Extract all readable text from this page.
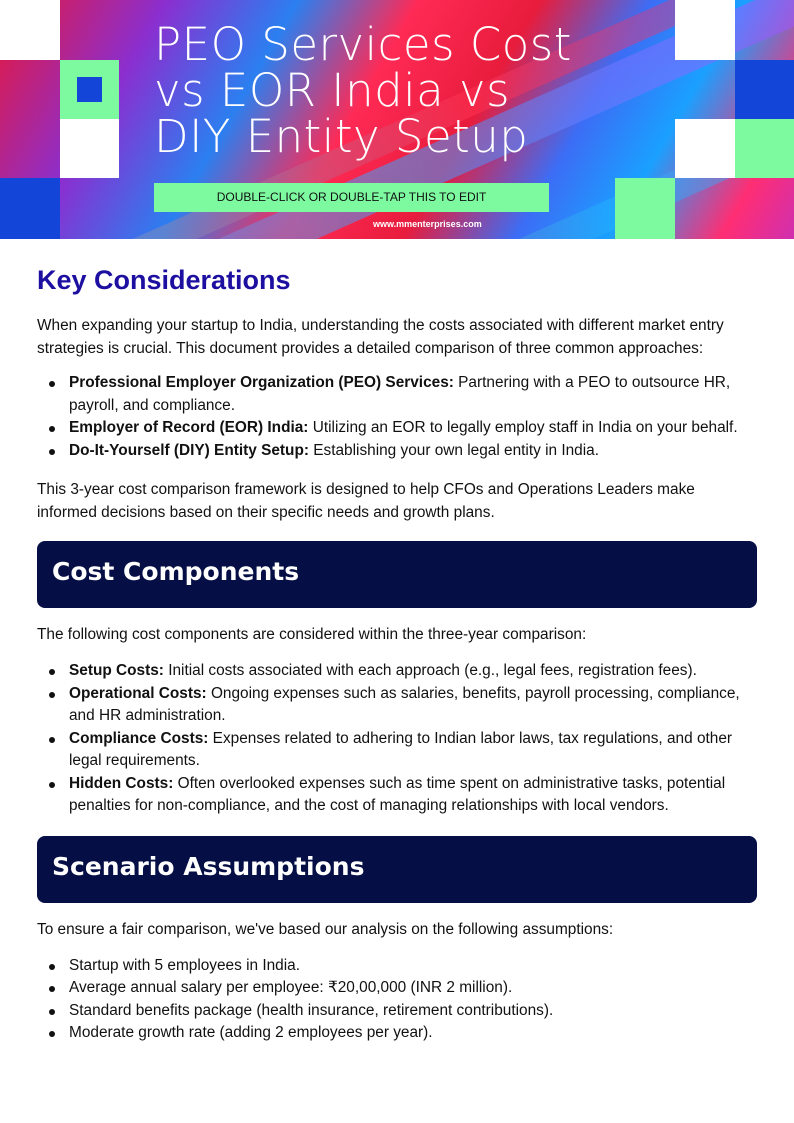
PEO Services Cost
vs EOR India vs
DIY Entity Setup
DOUBLE-CLICK OR DOUBLE-TAP THIS TO EDIT
www.mmenterprises.com
Key Considerations

When expanding your startup to India, understanding the costs associated with different market entry strategies is crucial. This document provides a detailed comparison of three common approaches:

Professional Employer Organization (PEO) Services: Partnering with a PEO to outsource HR, payroll, and compliance.
Employer of Record (EOR) India: Utilizing an EOR to legally employ staff in India on your behalf.
Do-It-Yourself (DIY) Entity Setup: Establishing your own legal entity in India.

This 3-year cost comparison framework is designed to help CFOs and Operations Leaders make informed decisions based on their specific needs and growth plans.

Cost Components

The following cost components are considered within the three-year comparison:

Setup Costs: Initial costs associated with each approach (e.g., legal fees, registration fees).
Operational Costs: Ongoing expenses such as salaries, benefits, payroll processing, compliance, and HR administration.
Compliance Costs: Expenses related to adhering to Indian labor laws, tax regulations, and other legal requirements.
Hidden Costs: Often overlooked expenses such as time spent on administrative tasks, potential penalties for non-compliance, and the cost of managing relationships with local vendors.
Scenario Assumptions

To ensure a fair comparison, we've based our analysis on the following assumptions:

Startup with 5 employees in India.
Average annual salary per employee: ₹20,00,000 (INR 2 million).
Standard benefits package (health insurance, retirement contributions).
Moderate growth rate (adding 2 employees per year).
